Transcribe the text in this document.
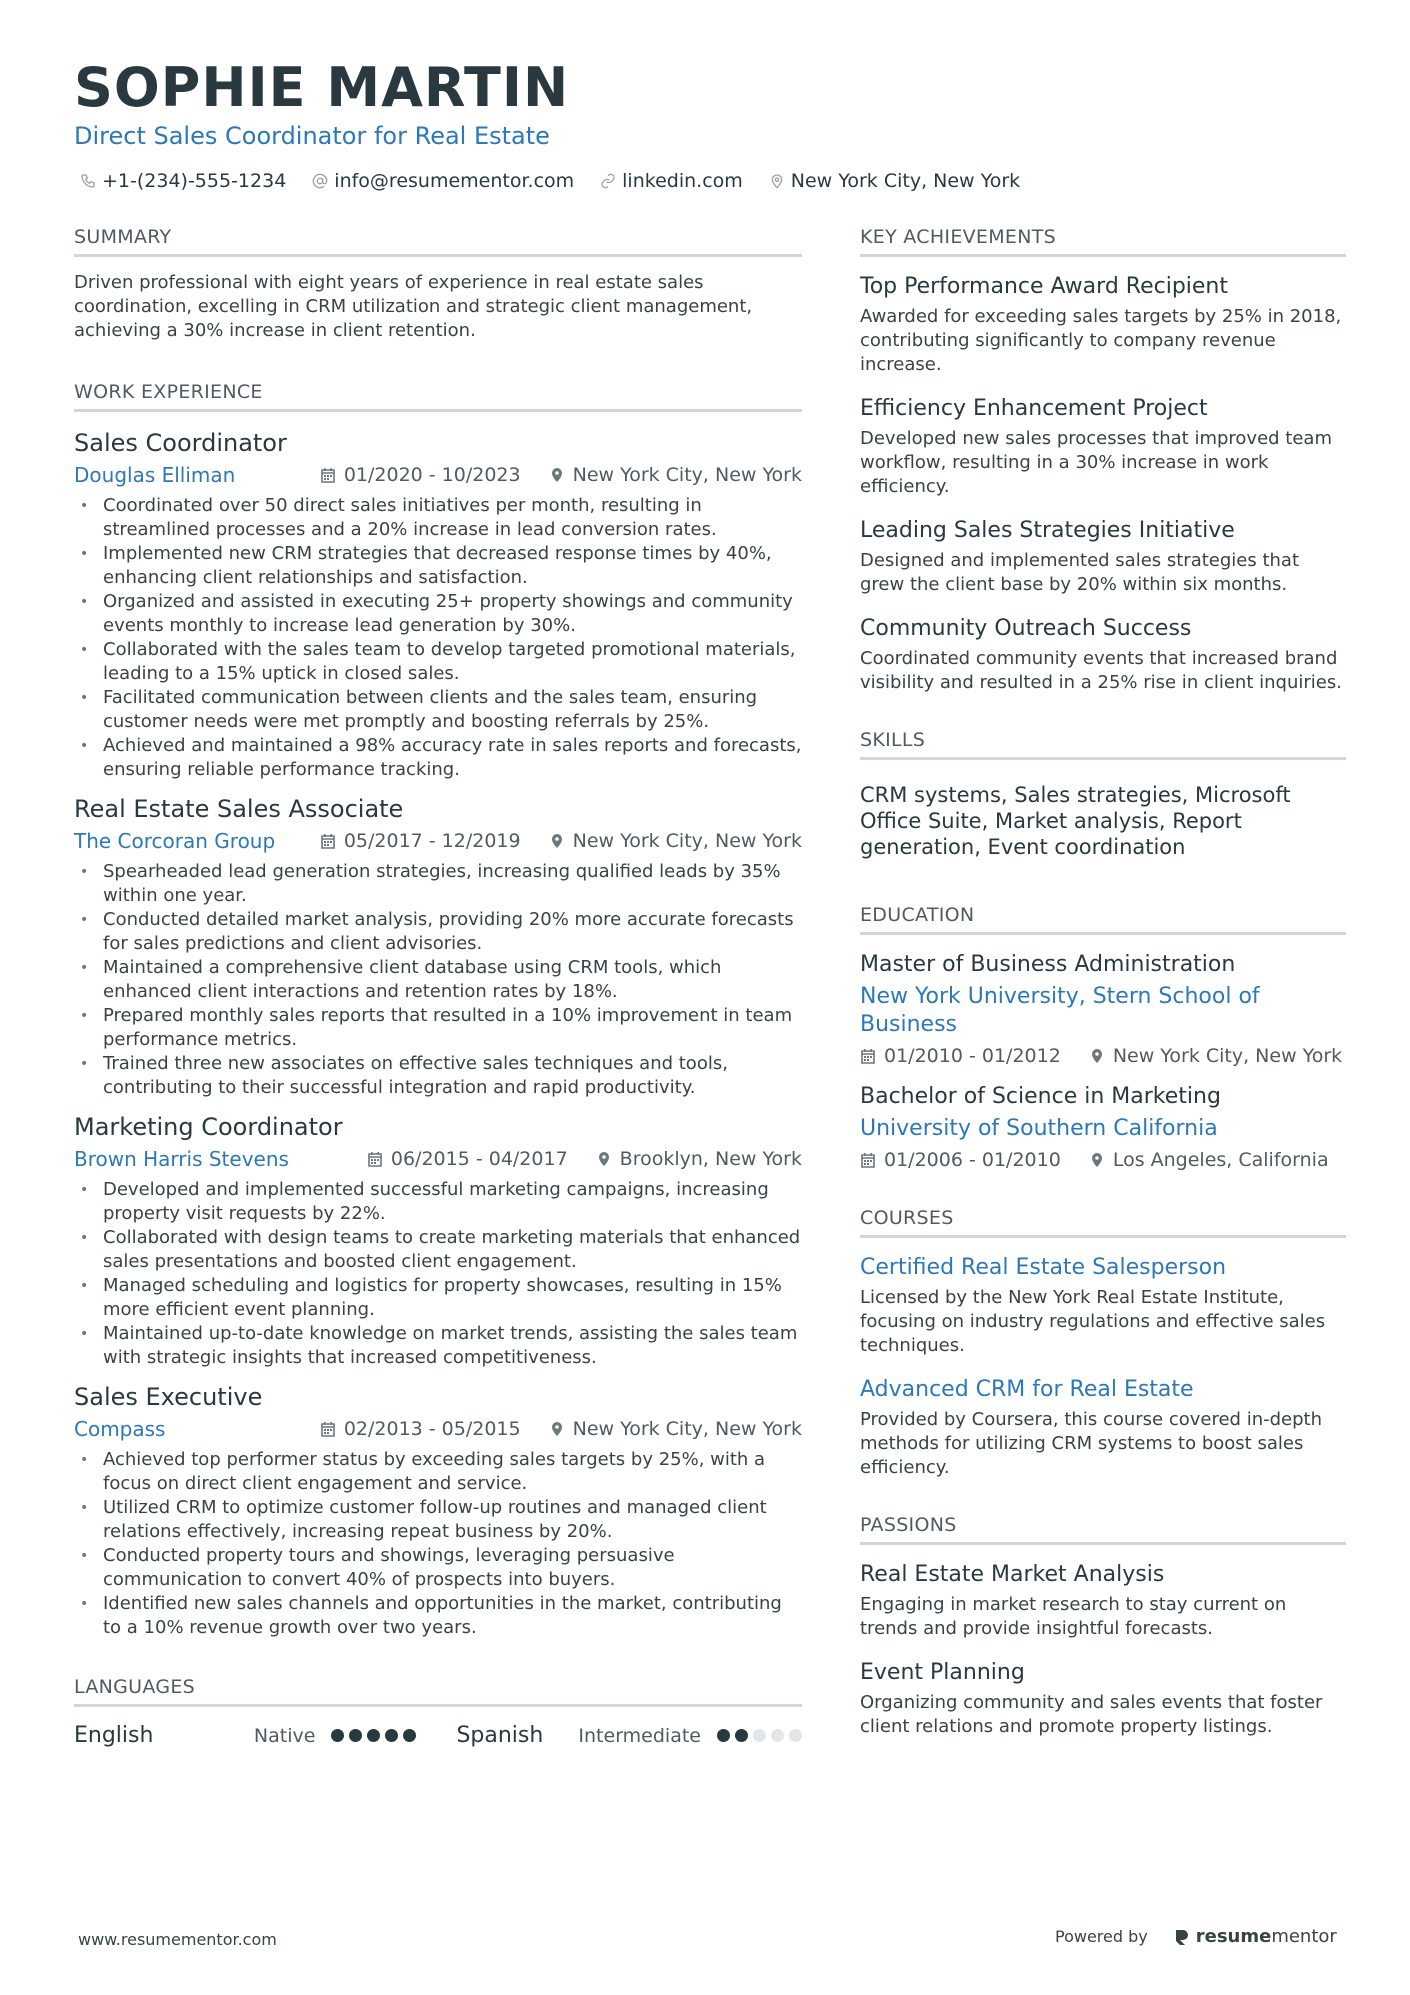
SOPHIE MARTIN
Direct Sales Coordinator for Real Estate
+1-(234)-555-1234	info@resumementor.com	linkedin.com	New York City, New York
SUMMARY
Driven professional with eight years of experience in real estate sales coordination, excelling in CRM utilization and strategic client management, achieving a 30% increase in client retention.
WORK EXPERIENCE
Sales Coordinator
Douglas Elliman	01/2020 - 10/2023	New York City, New York
• Coordinated over 50 direct sales initiatives per month, resulting in streamlined processes and a 20% increase in lead conversion rates.
• Implemented new CRM strategies that decreased response times by 40%, enhancing client relationships and satisfaction.
• Organized and assisted in executing 25+ property showings and community events monthly to increase lead generation by 30%.
• Collaborated with the sales team to develop targeted promotional materials, leading to a 15% uptick in closed sales.
• Facilitated communication between clients and the sales team, ensuring customer needs were met promptly and boosting referrals by 25%.
• Achieved and maintained a 98% accuracy rate in sales reports and forecasts, ensuring reliable performance tracking.
Real Estate Sales Associate
The Corcoran Group	05/2017 - 12/2019	New York City, New York
• Spearheaded lead generation strategies, increasing qualified leads by 35% within one year.
• Conducted detailed market analysis, providing 20% more accurate forecasts for sales predictions and client advisories.
• Maintained a comprehensive client database using CRM tools, which enhanced client interactions and retention rates by 18%.
• Prepared monthly sales reports that resulted in a 10% improvement in team performance metrics.
• Trained three new associates on effective sales techniques and tools, contributing to their successful integration and rapid productivity.
Marketing Coordinator
Brown Harris Stevens	06/2015 - 04/2017	Brooklyn, New York
• Developed and implemented successful marketing campaigns, increasing property visit requests by 22%.
• Collaborated with design teams to create marketing materials that enhanced sales presentations and boosted client engagement.
• Managed scheduling and logistics for property showcases, resulting in 15% more efficient event planning.
• Maintained up-to-date knowledge on market trends, assisting the sales team with strategic insights that increased competitiveness.
Sales Executive
Compass	02/2013 - 05/2015	New York City, New York
• Achieved top performer status by exceeding sales targets by 25%, with a focus on direct client engagement and service.
• Utilized CRM to optimize customer follow-up routines and managed client relations effectively, increasing repeat business by 20%.
• Conducted property tours and showings, leveraging persuasive communication to convert 40% of prospects into buyers.
• Identified new sales channels and opportunities in the market, contributing to a 10% revenue growth over two years.
LANGUAGES
English	Native	Spanish	Intermediate
KEY ACHIEVEMENTS
Top Performance Award Recipient
Awarded for exceeding sales targets by 25% in 2018, contributing significantly to company revenue increase.
Efficiency Enhancement Project
Developed new sales processes that improved team workflow, resulting in a 30% increase in work efficiency.
Leading Sales Strategies Initiative
Designed and implemented sales strategies that grew the client base by 20% within six months.
Community Outreach Success
Coordinated community events that increased brand visibility and resulted in a 25% rise in client inquiries.
SKILLS
CRM systems, Sales strategies, Microsoft Office Suite, Market analysis, Report generation, Event coordination
EDUCATION
Master of Business Administration
New York University, Stern School of Business
01/2010 - 01/2012	New York City, New York
Bachelor of Science in Marketing
University of Southern California
01/2006 - 01/2010	Los Angeles, California
COURSES
Certified Real Estate Salesperson
Licensed by the New York Real Estate Institute, focusing on industry regulations and effective sales techniques.
Advanced CRM for Real Estate
Provided by Coursera, this course covered in-depth methods for utilizing CRM systems to boost sales efficiency.
PASSIONS
Real Estate Market Analysis
Engaging in market research to stay current on trends and provide insightful forecasts.
Event Planning
Organizing community and sales events that foster client relations and promote property listings.
www.resumementor.com	Powered by	resumementor
